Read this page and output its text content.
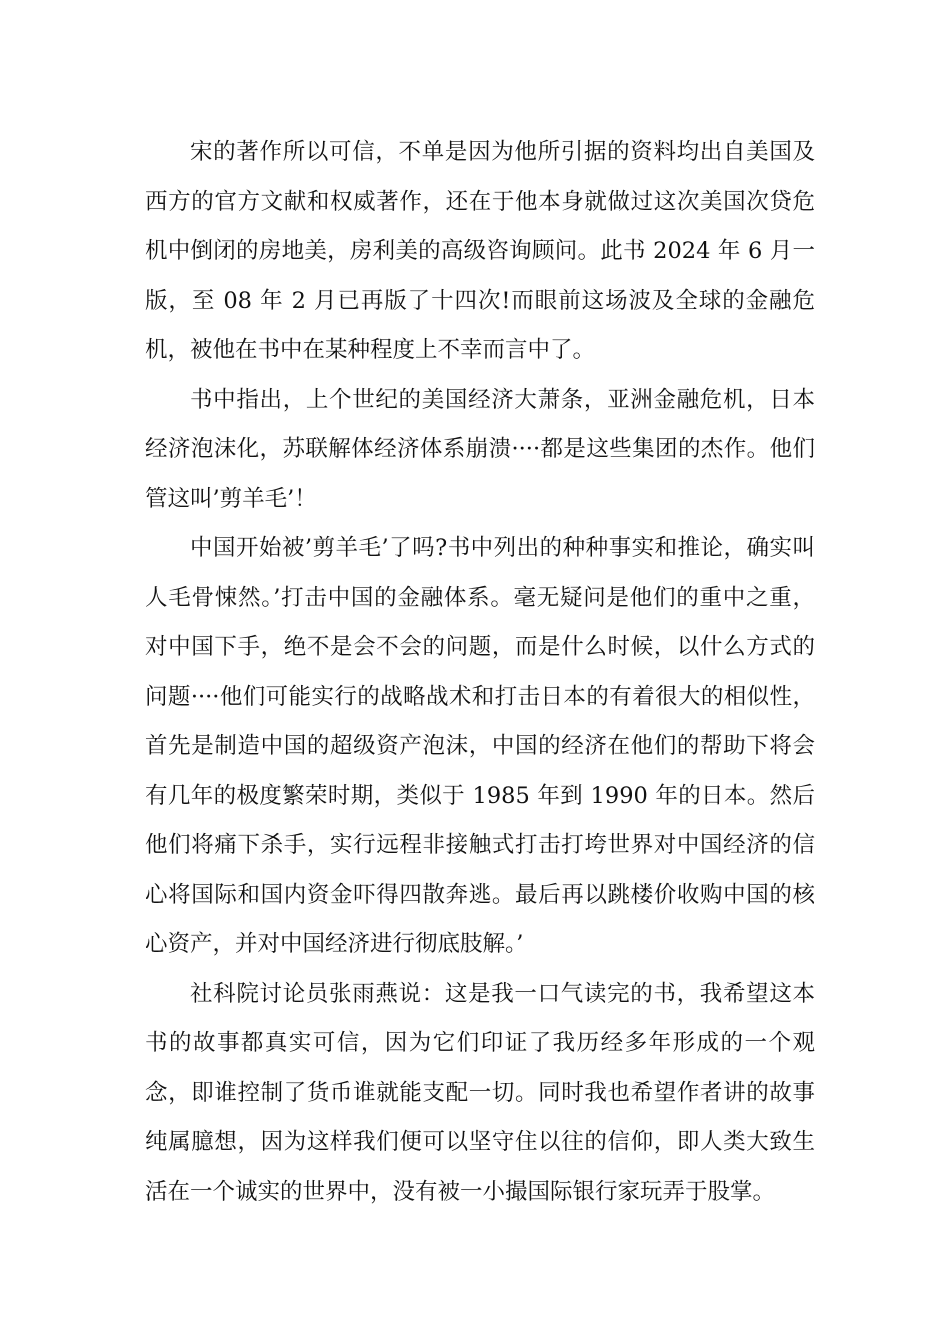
宋的著作所以可信，不单是因为他所引据的资料均出自美国及西方的官方文献和权威著作，还在于他本身就做过这次美国次贷危机中倒闭的房地美，房利美的高级咨询顾问。此书 2024 年 6 月一版，至 08 年 2 月已再版了十四次!而眼前这场波及全球的金融危机，被他在书中在某种程度上不幸而言中了。

书中指出，上个世纪的美国经济大萧条，亚洲金融危机，日本经济泡沫化，苏联解体经济体系崩溃····都是这些集团的杰作。他们管这叫’剪羊毛’！

中国开始被’剪羊毛’了吗?书中列出的种种事实和推论，确实叫人毛骨悚然。’打击中国的金融体系。毫无疑问是他们的重中之重，对中国下手，绝不是会不会的问题，而是什么时候，以什么方式的问题····他们可能实行的战略战术和打击日本的有着很大的相似性，首先是制造中国的超级资产泡沫，中国的经济在他们的帮助下将会有几年的极度繁荣时期，类似于 1985 年到 1990 年的日本。然后他们将痛下杀手，实行远程非接触式打击打垮世界对中国经济的信心将国际和国内资金吓得四散奔逃。最后再以跳楼价收购中国的核心资产，并对中国经济进行彻底肢解。’

社科院讨论员张雨燕说：这是我一口气读完的书，我希望这本书的故事都真实可信，因为它们印证了我历经多年形成的一个观念，即谁控制了货币谁就能支配一切。同时我也希望作者讲的故事纯属臆想，因为这样我们便可以坚守住以往的信仰，即人类大致生活在一个诚实的世界中，没有被一小撮国际银行家玩弄于股掌。
